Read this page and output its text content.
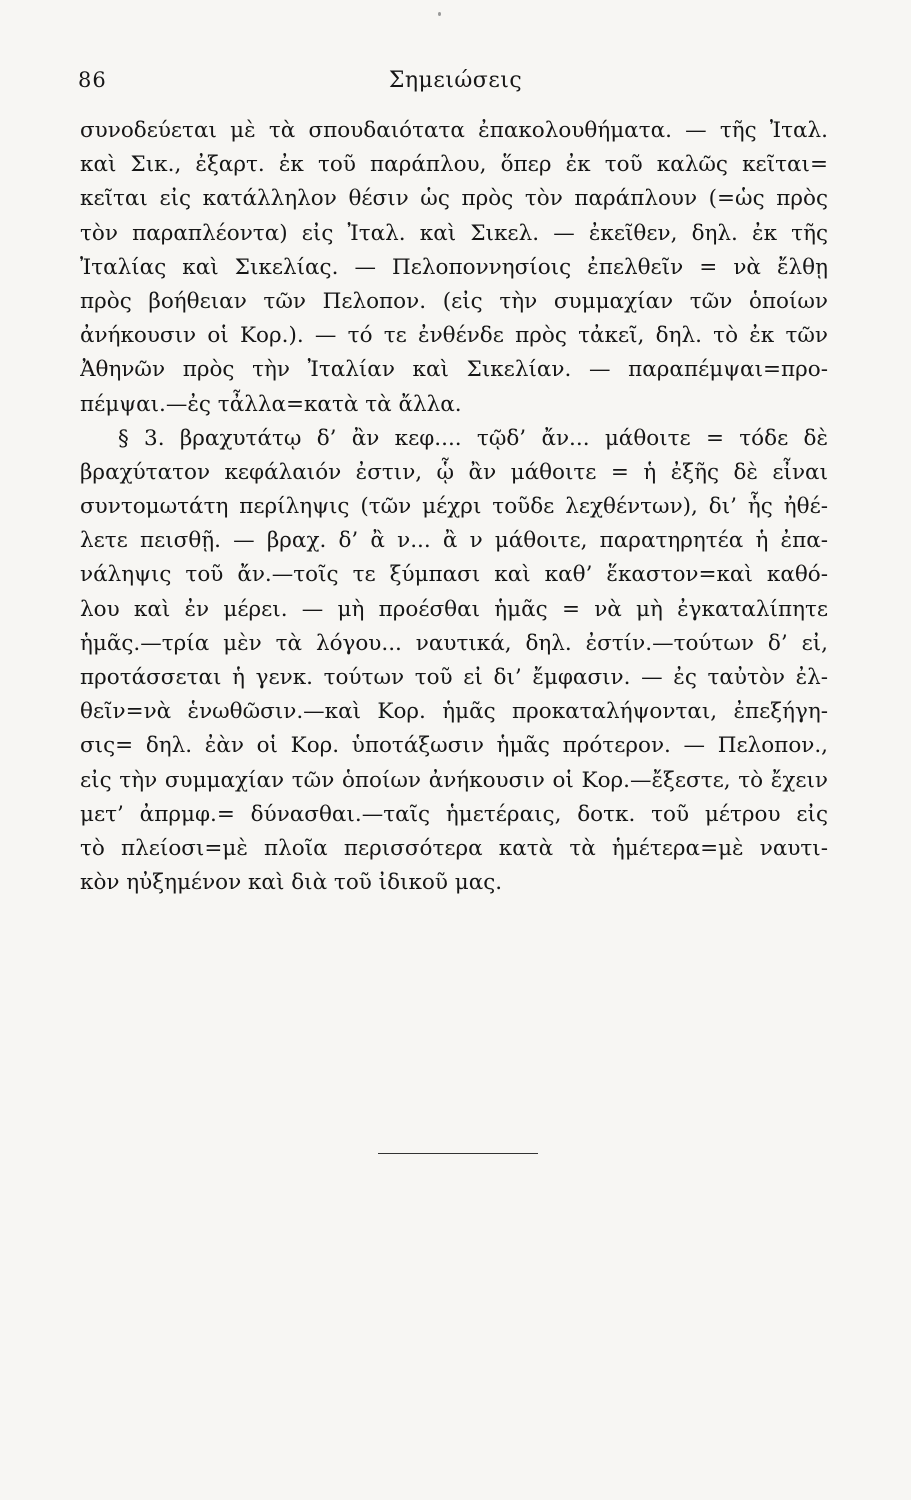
86	Σημειώσεις
συνοδεύεται μὲ τὰ σπουδαιότατα ἐπακολουθήματα. — τῆς Ἰταλ.
καὶ Σικ., ἐξαρτ. ἐκ τοῦ παράπλου, ὅπερ ἐκ τοῦ καλῶς κεῖται=
κεῖται εἰς κατάλληλον θέσιν ὡς πρὸς τὸν παράπλουν (=ὡς πρὸς
τὸν παραπλέοντα) εἰς Ἰταλ. καὶ Σικελ. — ἐκεῖθεν, δηλ. ἐκ τῆς
Ἰταλίας καὶ Σικελίας. — Πελοποννησίοις ἐπελθεῖν = νὰ ἔλθῃ
πρὸς βοήθειαν τῶν Πελοπον. (εἰς τὴν συμμαχίαν τῶν ὁποίων
ἀνήκουσιν οἱ Κορ.). — τό τε ἐνθένδε πρὸς τἀκεῖ, δηλ. τὸ ἐκ τῶν
Ἀθηνῶν πρὸς τὴν Ἰταλίαν καὶ Σικελίαν. — παραπέμψαι=προ-
πέμψαι.—ἐς τἆλλα=κατὰ τὰ ἄλλα.
§ 3. βραχυτάτῳ δ’ ἂν κεφ.... τῷδ’ ἄν... μάθοιτε = τόδε δὲ
βραχύτατον κεφάλαιόν ἐστιν, ᾧ ἂν μάθοιτε = ἡ ἐξῆς δὲ εἶναι
συντομωτάτη περίληψις (τῶν μέχρι τοῦδε λεχθέντων), δι’ ἧς ἠθέ-
λετε πεισθῇ. — βραχ. δ’ ἂ ν... ἂ ν μάθοιτε, παρατηρητέα ἡ ἐπα-
νάληψις τοῦ ἄν.—τοῖς τε ξύμπασι καὶ καθ’ ἕκαστον=καὶ καθό-
λου καὶ ἐν μέρει. — μὴ προέσθαι ἡμᾶς = νὰ μὴ ἐγκαταλίπητε
ἡμᾶς.—τρία μὲν τὰ λόγου... ναυτικά, δηλ. ἐστίν.—τούτων δ’ εἰ,
προτάσσεται ἡ γενκ. τούτων τοῦ εἰ δι’ ἔμφασιν. — ἐς ταὐτὸν ἐλ-
θεῖν=νὰ ἑνωθῶσιν.—καὶ Κορ. ἡμᾶς προκαταλήψονται, ἐπεξήγη-
σις= δηλ. ἐὰν οἱ Κορ. ὑποτάξωσιν ἡμᾶς πρότερον. — Πελοπον.,
εἰς τὴν συμμαχίαν τῶν ὁποίων ἀνήκουσιν οἱ Κορ.—ἔξεστε, τὸ ἔχειν
μετ’ ἀπρμφ.= δύνασθαι.—ταῖς ἡμετέραις, δοτκ. τοῦ μέτρου εἰς
τὸ πλείοσι=μὲ πλοῖα περισσότερα κατὰ τὰ ἡμέτερα=μὲ ναυτι-
κὸν ηὐξημένον καὶ διὰ τοῦ ἰδικοῦ μας.
